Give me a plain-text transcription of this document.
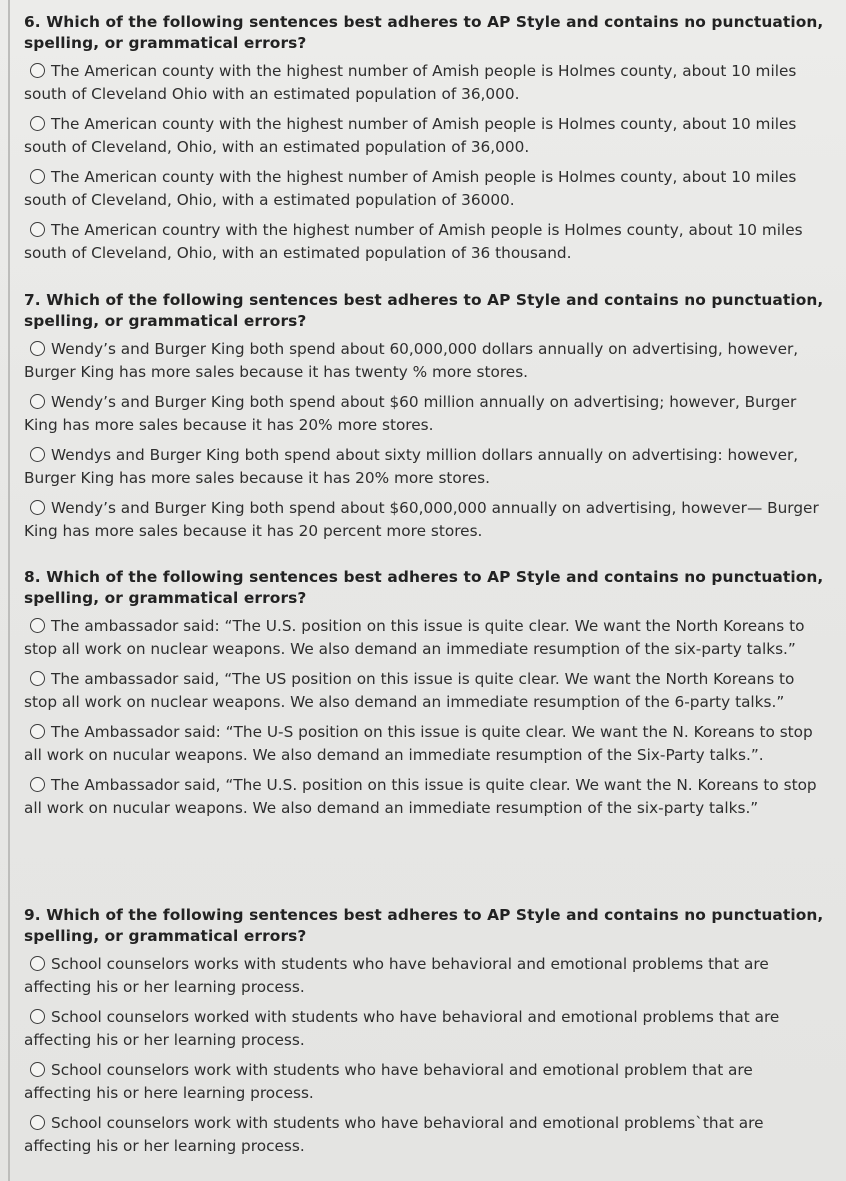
6. Which of the following sentences best adheres to AP Style and contains no punctuation, spelling, or grammatical errors?

The American county with the highest number of Amish people is Holmes county, about 10 miles south of Cleveland Ohio with an estimated population of 36,000.
The American county with the highest number of Amish people is Holmes county, about 10 miles south of Cleveland, Ohio, with an estimated population of 36,000.
The American county with the highest number of Amish people is Holmes county, about 10 miles south of Cleveland, Ohio, with a estimated population of 36000.
The American country with the highest number of Amish people is Holmes county, about 10 miles south of Cleveland, Ohio, with an estimated population of 36 thousand.

7. Which of the following sentences best adheres to AP Style and contains no punctuation, spelling, or grammatical errors?

Wendy’s and Burger King both spend about 60,000,000 dollars annually on advertising, however, Burger King has more sales because it has twenty % more stores.
Wendy’s and Burger King both spend about $60 million annually on advertising; however, Burger King has more sales because it has 20% more stores.
Wendys and Burger King both spend about sixty million dollars annually on advertising: however, Burger King has more sales because it has 20% more stores.
Wendy’s and Burger King both spend about $60,000,000 annually on advertising, however— Burger King has more sales because it has 20 percent more stores.

8. Which of the following sentences best adheres to AP Style and contains no punctuation, spelling, or grammatical errors?

The ambassador said: “The U.S. position on this issue is quite clear. We want the North Koreans to stop all work on nuclear weapons. We also demand an immediate resumption of the six-party talks.”
The ambassador said, “The US position on this issue is quite clear. We want the North Koreans to stop all work on nuclear weapons. We also demand an immediate resumption of the 6-party talks.”
The Ambassador said: “The U-S position on this issue is quite clear. We want the N. Koreans to stop all work on nucular weapons. We also demand an immediate resumption of the Six-Party talks.”.
The Ambassador said, “The U.S. position on this issue is quite clear. We want the N. Koreans to stop all work on nucular weapons. We also demand an immediate resumption of the six-party talks.”

9. Which of the following sentences best adheres to AP Style and contains no punctuation, spelling, or grammatical errors?

School counselors works with students who have behavioral and emotional problems that are affecting his or her learning process.
School counselors worked with students who have behavioral and emotional problems that are affecting his or her learning process.
School counselors work with students who have behavioral and emotional problem that are affecting his or here learning process.
School counselors work with students who have behavioral and emotional problems`that are affecting his or her learning process.
